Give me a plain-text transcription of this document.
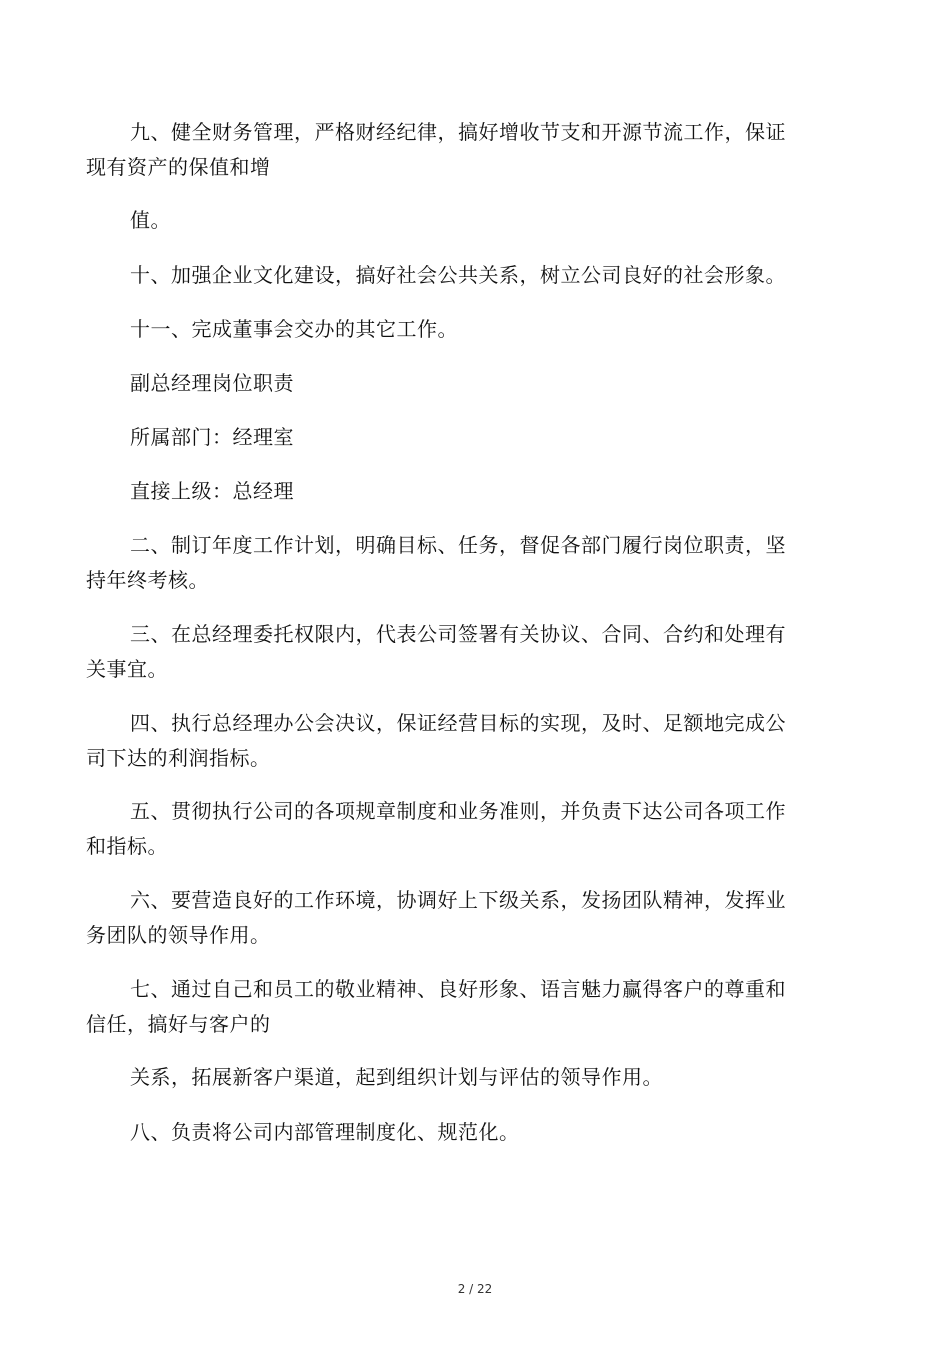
九、健全财务管理，严格财经纪律，搞好增收节支和开源节流工作，保证
现有资产的保值和增
值。
十、加强企业文化建设，搞好社会公共关系，树立公司良好的社会形象。
十一、完成董事会交办的其它工作。
副总经理岗位职责
所属部门：经理室
直接上级：总经理
二、制订年度工作计划，明确目标、任务，督促各部门履行岗位职责，坚
持年终考核。
三、在总经理委托权限内，代表公司签署有关协议、合同、合约和处理有
关事宜。
四、执行总经理办公会决议，保证经营目标的实现，及时、足额地完成公
司下达的利润指标。
五、贯彻执行公司的各项规章制度和业务准则，并负责下达公司各项工作
和指标。
六、要营造良好的工作环境，协调好上下级关系，发扬团队精神，发挥业
务团队的领导作用。
七、通过自己和员工的敬业精神、良好形象、语言魅力赢得客户的尊重和
信任，搞好与客户的
关系，拓展新客户渠道，起到组织计划与评估的领导作用。
八、负责将公司内部管理制度化、规范化。
2 / 22
